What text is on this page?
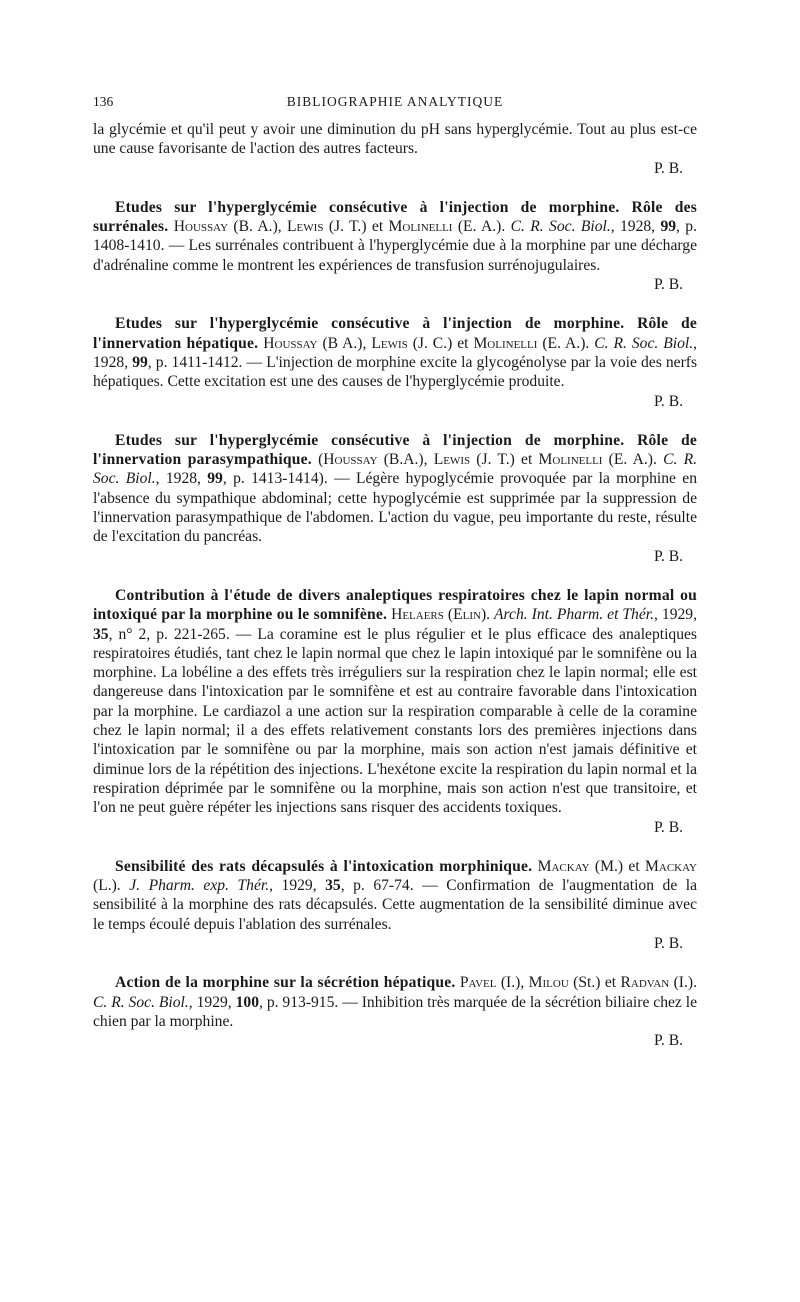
136	BIBLIOGRAPHIE ANALYTIQUE

la glycémie et qu'il peut y avoir une diminution du pH sans hyperglycémie. Tout au plus est-ce une cause favorisante de l'action des autres facteurs.

P. B.

Etudes sur l'hyperglycémie consécutive à l'injection de morphine. Rôle des surrénales. Houssay (B. A.), Lewis (J. T.) et Molinelli (E. A.). C. R. Soc. Biol., 1928, 99, p. 1408-1410. — Les surrénales contribuent à l'hyperglycémie due à la morphine par une décharge d'adrénaline comme le montrent les expériences de transfusion surrénojugulaires.

P. B.

Etudes sur l'hyperglycémie consécutive à l'injection de morphine. Rôle de l'innervation hépatique. Houssay (B A.), Lewis (J. C.) et Molinelli (E. A.). C. R. Soc. Biol., 1928, 99, p. 1411-1412. — L'injection de morphine excite la glycogénolyse par la voie des nerfs hépatiques. Cette excitation est une des causes de l'hyperglycémie produite.

P. B.

Etudes sur l'hyperglycémie consécutive à l'injection de morphine. Rôle de l'innervation parasympathique. (Houssay (B.A.), Lewis (J. T.) et Molinelli (E. A.). C. R. Soc. Biol., 1928, 99, p. 1413-1414). — Légère hypoglycémie provoquée par la morphine en l'absence du sympathique abdominal; cette hypoglycémie est supprimée par la suppression de l'innervation parasympathique de l'abdomen. L'action du vague, peu importante du reste, résulte de l'excitation du pancréas.

P. B.

Contribution à l'étude de divers analeptiques respiratoires chez le lapin normal ou intoxiqué par la morphine ou le somnifène. Helaers (Elin). Arch. Int. Pharm. et Thér., 1929, 35, n° 2, p. 221-265. — La coramine est le plus régulier et le plus efficace des analeptiques respiratoires étudiés, tant chez le lapin normal que chez le lapin intoxiqué par le somnifène ou la morphine. La lobéline a des effets très irréguliers sur la respiration chez le lapin normal; elle est dangereuse dans l'intoxication par le somnifène et est au contraire favorable dans l'intoxication par la morphine. Le cardiazol a une action sur la respiration comparable à celle de la coramine chez le lapin normal; il a des effets relativement constants lors des premières injections dans l'intoxication par le somnifène ou par la morphine, mais son action n'est jamais définitive et diminue lors de la répétition des injections. L'hexétone excite la respiration du lapin normal et la respiration déprimée par le somnifène ou la morphine, mais son action n'est que transitoire, et l'on ne peut guère répéter les injections sans risquer des accidents toxiques.

P. B.

Sensibilité des rats décapsulés à l'intoxication morphinique. Mackay (M.) et Mackay (L.). J. Pharm. exp. Thér., 1929, 35, p. 67-74. — Confirmation de l'augmentation de la sensibilité à la morphine des rats décapsulés. Cette augmentation de la sensibilité diminue avec le temps écoulé depuis l'ablation des surrénales.

P. B.

Action de la morphine sur la sécrétion hépatique. Pavel (I.), Milou (St.) et Radvan (I.). C. R. Soc. Biol., 1929, 100, p. 913-915. — Inhibition très marquée de la sécrétion biliaire chez le chien par la morphine.

P. B.
